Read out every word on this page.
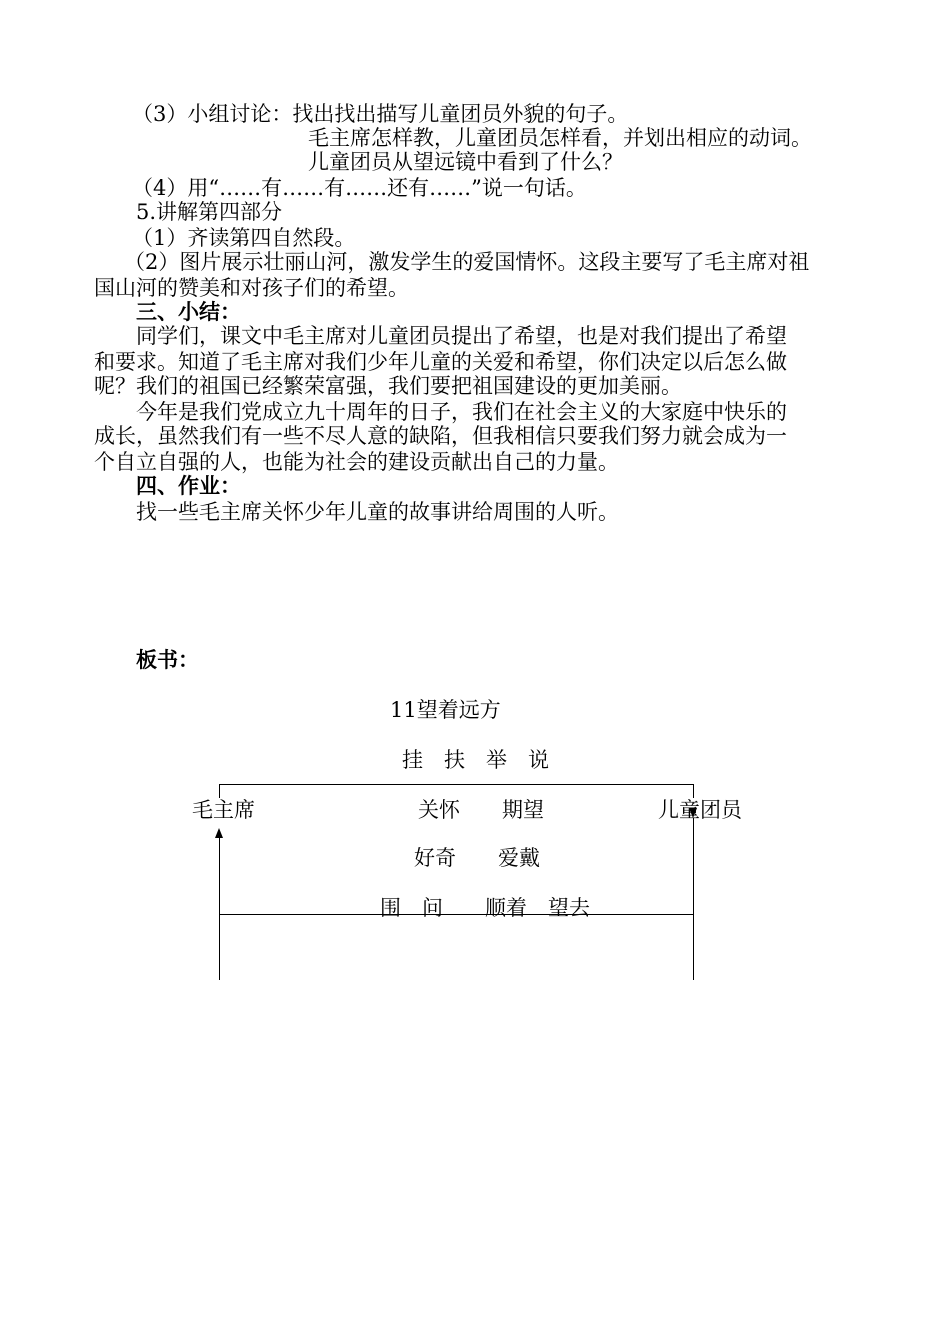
（3）小组讨论：找出找出描写儿童团员外貌的句子。
毛主席怎样教，儿童团员怎样看，并划出相应的动词。
儿童团员从望远镜中看到了什么？
（4）用“……有……有……还有……”说一句话。
5.讲解第四部分
（1）齐读第四自然段。
（2）图片展示壮丽山河，激发学生的爱国情怀。这段主要写了毛主席对祖
国山河的赞美和对孩子们的希望。
三、小结：
同学们，课文中毛主席对儿童团员提出了希望，也是对我们提出了希望
和要求。知道了毛主席对我们少年儿童的关爱和希望，你们决定以后怎么做
呢？我们的祖国已经繁荣富强，我们要把祖国建设的更加美丽。
今年是我们党成立九十周年的日子，我们在社会主义的大家庭中快乐的
成长，虽然我们有一些不尽人意的缺陷，但我相信只要我们努力就会成为一
个自立自强的人，也能为社会的建设贡献出自己的力量。
四、作业：
找一些毛主席关怀少年儿童的故事讲给周围的人听。
板书：
11望着远方
挂　扶　举　说
毛主席	关怀　　期望	儿童团员
好奇　　爱戴
围　问　　顺着　望去
